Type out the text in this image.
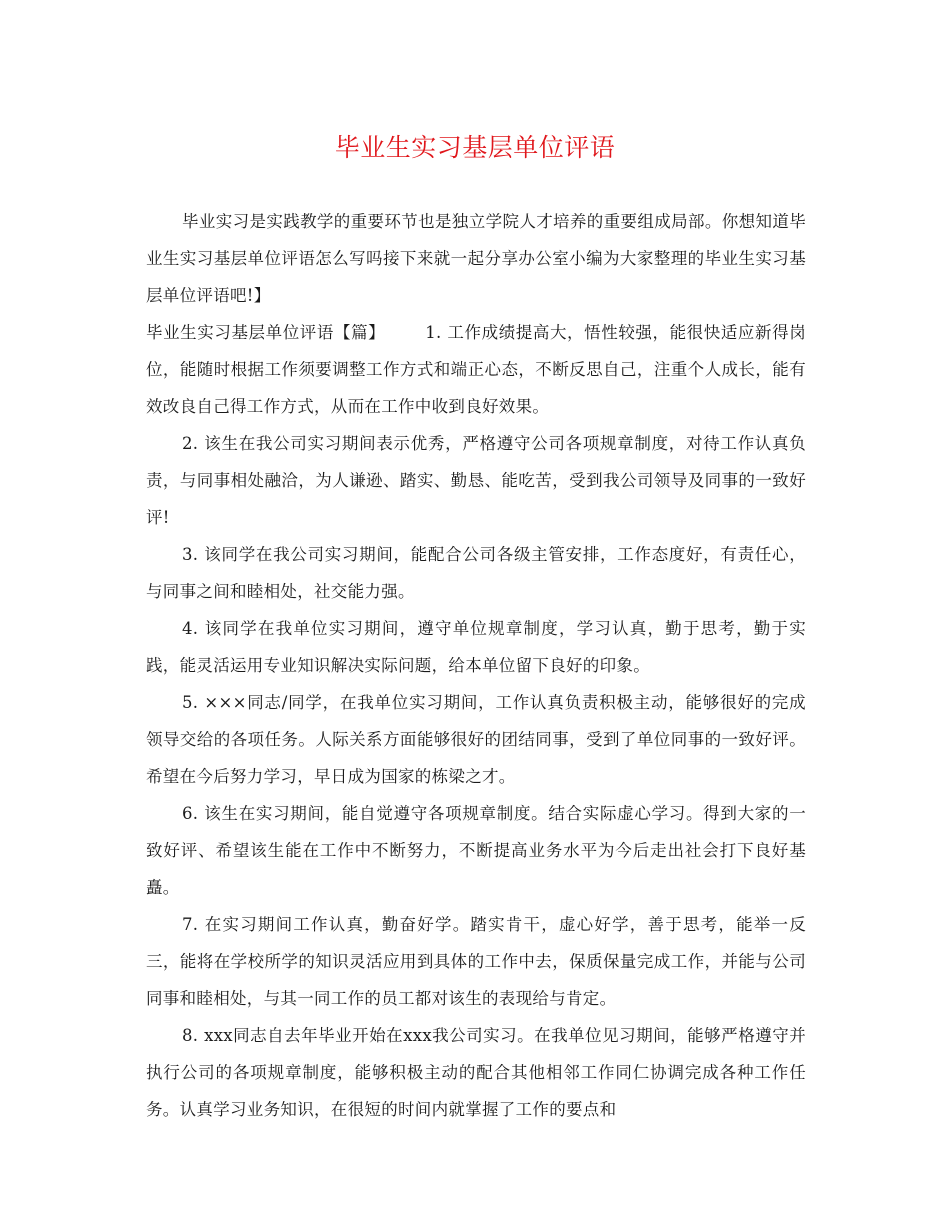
毕业生实习基层单位评语

毕业实习是实践教学的重要环节也是独立学院人才培养的重要组成局部。你想知道毕业生实习基层单位评语怎么写吗接下来就一起分享办公室小编为大家整理的毕业生实习基层单位评语吧!】

毕业生实习基层单位评语【篇】 1. 工作成绩提高大，悟性较强，能很快适应新得岗位，能随时根据工作须要调整工作方式和端正心态，不断反思自己，注重个人成长，能有效改良自己得工作方式，从而在工作中收到良好效果。

2. 该生在我公司实习期间表示优秀，严格遵守公司各项规章制度，对待工作认真负责，与同事相处融洽，为人谦逊、踏实、勤恳、能吃苦，受到我公司领导及同事的一致好评!

3. 该同学在我公司实习期间，能配合公司各级主管安排，工作态度好，有责任心，与同事之间和睦相处，社交能力强。

4. 该同学在我单位实习期间，遵守单位规章制度，学习认真，勤于思考，勤于实践，能灵活运用专业知识解决实际问题，给本单位留下良好的印象。

5. ×××同志/同学，在我单位实习期间，工作认真负责积极主动，能够很好的完成领导交给的各项任务。人际关系方面能够很好的团结同事，受到了单位同事的一致好评。希望在今后努力学习，早日成为国家的栋梁之才。

6. 该生在实习期间，能自觉遵守各项规章制度。结合实际虚心学习。得到大家的一致好评、希望该生能在工作中不断努力，不断提高业务水平为今后走出社会打下良好基矗。

7. 在实习期间工作认真，勤奋好学。踏实肯干，虚心好学，善于思考，能举一反三，能将在学校所学的知识灵活应用到具体的工作中去，保质保量完成工作，并能与公司同事和睦相处，与其一同工作的员工都对该生的表现给与肯定。

8. xxx同志自去年毕业开始在xxx我公司实习。在我单位见习期间，能够严格遵守并执行公司的各项规章制度，能够积极主动的配合其他相邻工作同仁协调完成各种工作任务。认真学习业务知识，在很短的时间内就掌握了工作的要点和
